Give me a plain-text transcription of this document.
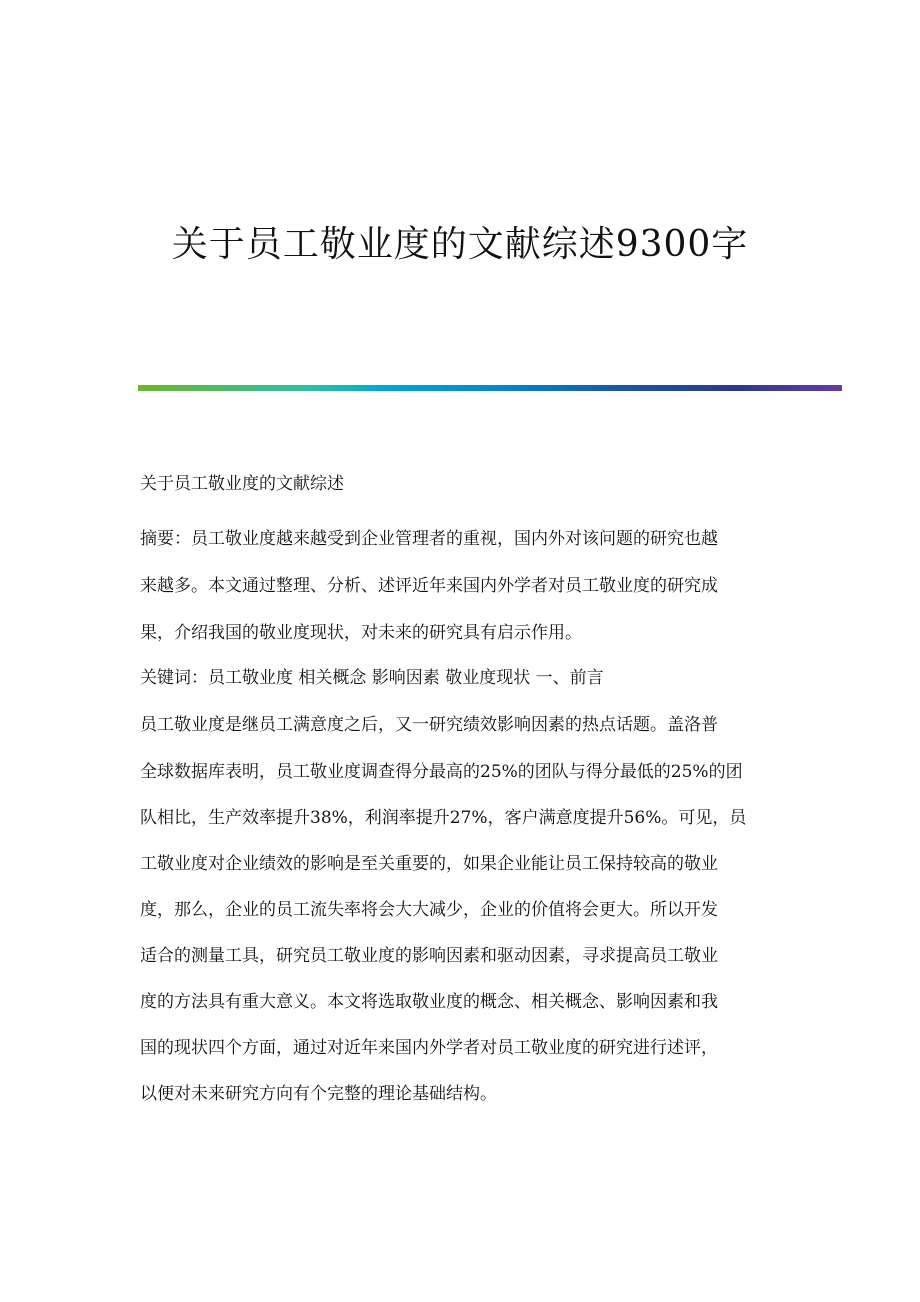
关于员工敬业度的文献综述9300字
关于员工敬业度的文献综述
摘要：员工敬业度越来越受到企业管理者的重视，国内外对该问题的研究也越
来越多。本文通过整理、分析、述评近年来国内外学者对员工敬业度的研究成
果，介绍我国的敬业度现状，对未来的研究具有启示作用。
关键词：员工敬业度 相关概念 影响因素 敬业度现状 一、前言
员工敬业度是继员工满意度之后，又一研究绩效影响因素的热点话题。盖洛普
全球数据库表明，员工敬业度调查得分最高的25%的团队与得分最低的25%的团
队相比，生产效率提升38%，利润率提升27%，客户满意度提升56%。可见，员
工敬业度对企业绩效的影响是至关重要的，如果企业能让员工保持较高的敬业
度，那么，企业的员工流失率将会大大减少，企业的价值将会更大。所以开发
适合的测量工具，研究员工敬业度的影响因素和驱动因素，寻求提高员工敬业
度的方法具有重大意义。本文将选取敬业度的概念、相关概念、影响因素和我
国的现状四个方面，通过对近年来国内外学者对员工敬业度的研究进行述评，
以便对未来研究方向有个完整的理论基础结构。
